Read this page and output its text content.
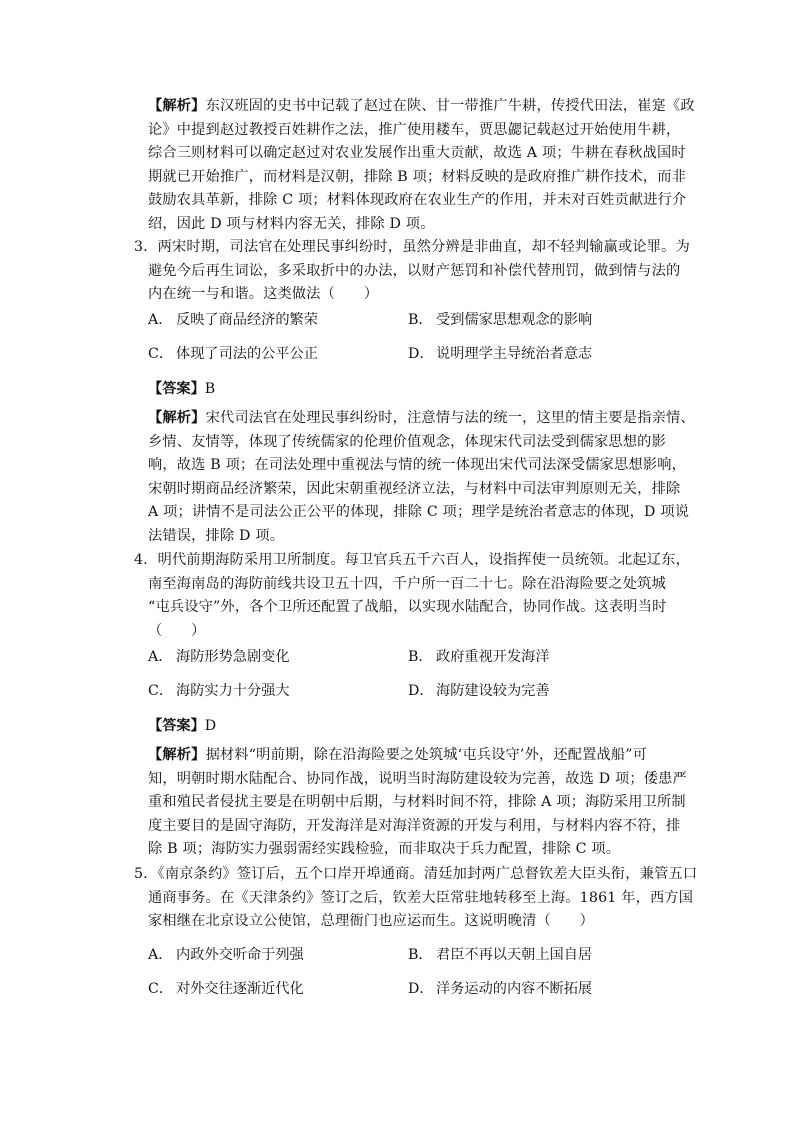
【解析】东汉班固的史书中记载了赵过在陕、甘一带推广牛耕，传授代田法，崔寔《政
论》中提到赵过教授百姓耕作之法，推广使用耧车，贾思勰记载赵过开始使用牛耕，
综合三则材料可以确定赵过对农业发展作出重大贡献，故选 A 项；牛耕在春秋战国时
期就已开始推广，而材料是汉朝，排除 B 项；材料反映的是政府推广耕作技术，而非
鼓励农具革新，排除 C 项；材料体现政府在农业生产的作用，并未对百姓贡献进行介
绍，因此 D 项与材料内容无关，排除 D 项。
3．两宋时期，司法官在处理民事纠纷时，虽然分辨是非曲直，却不轻判输赢或论罪。为
避免今后再生词讼，多采取折中的办法，以财产惩罚和补偿代替刑罚，做到情与法的
内在统一与和谐。这类做法（　　）
A． 反映了商品经济的繁荣	B． 受到儒家思想观念的影响
C． 体现了司法的公平公正	D． 说明理学主导统治者意志
【答案】B
【解析】宋代司法官在处理民事纠纷时，注意情与法的统一，这里的情主要是指亲情、
乡情、友情等，体现了传统儒家的伦理价值观念，体现宋代司法受到儒家思想的影
响，故选 B 项；在司法处理中重视法与情的统一体现出宋代司法深受儒家思想影响，
宋朝时期商品经济繁荣，因此宋朝重视经济立法，与材料中司法审判原则无关，排除
A 项；讲情不是司法公正公平的体现，排除 C 项；理学是统治者意志的体现，D 项说
法错误，排除 D 项。
4．明代前期海防采用卫所制度。每卫官兵五千六百人，设指挥使一员统领。北起辽东，
南至海南岛的海防前线共设卫五十四，千户所一百二十七。除在沿海险要之处筑城
“屯兵设守”外，各个卫所还配置了战船，以实现水陆配合，协同作战。这表明当时
（　　）
A． 海防形势急剧变化	B． 政府重视开发海洋
C． 海防实力十分强大	D． 海防建设较为完善
【答案】D
【解析】据材料“明前期，除在沿海险要之处筑城‘屯兵设守’外，还配置战船”可
知，明朝时期水陆配合、协同作战，说明当时海防建设较为完善，故选 D 项；倭患严
重和殖民者侵扰主要是在明朝中后期，与材料时间不符，排除 A 项；海防采用卫所制
度主要目的是固守海防，开发海洋是对海洋资源的开发与利用，与材料内容不符，排
除 B 项；海防实力强弱需经实践检验，而非取决于兵力配置，排除 C 项。
5．《南京条约》签订后，五个口岸开埠通商。清廷加封两广总督钦差大臣头衔，兼管五口
通商事务。在《天津条约》签订之后，钦差大臣常驻地转移至上海。1861 年，西方国
家相继在北京设立公使馆，总理衙门也应运而生。这说明晚清（　　）
A． 内政外交听命于列强	B． 君臣不再以天朝上国自居
C． 对外交往逐渐近代化	D． 洋务运动的内容不断拓展
